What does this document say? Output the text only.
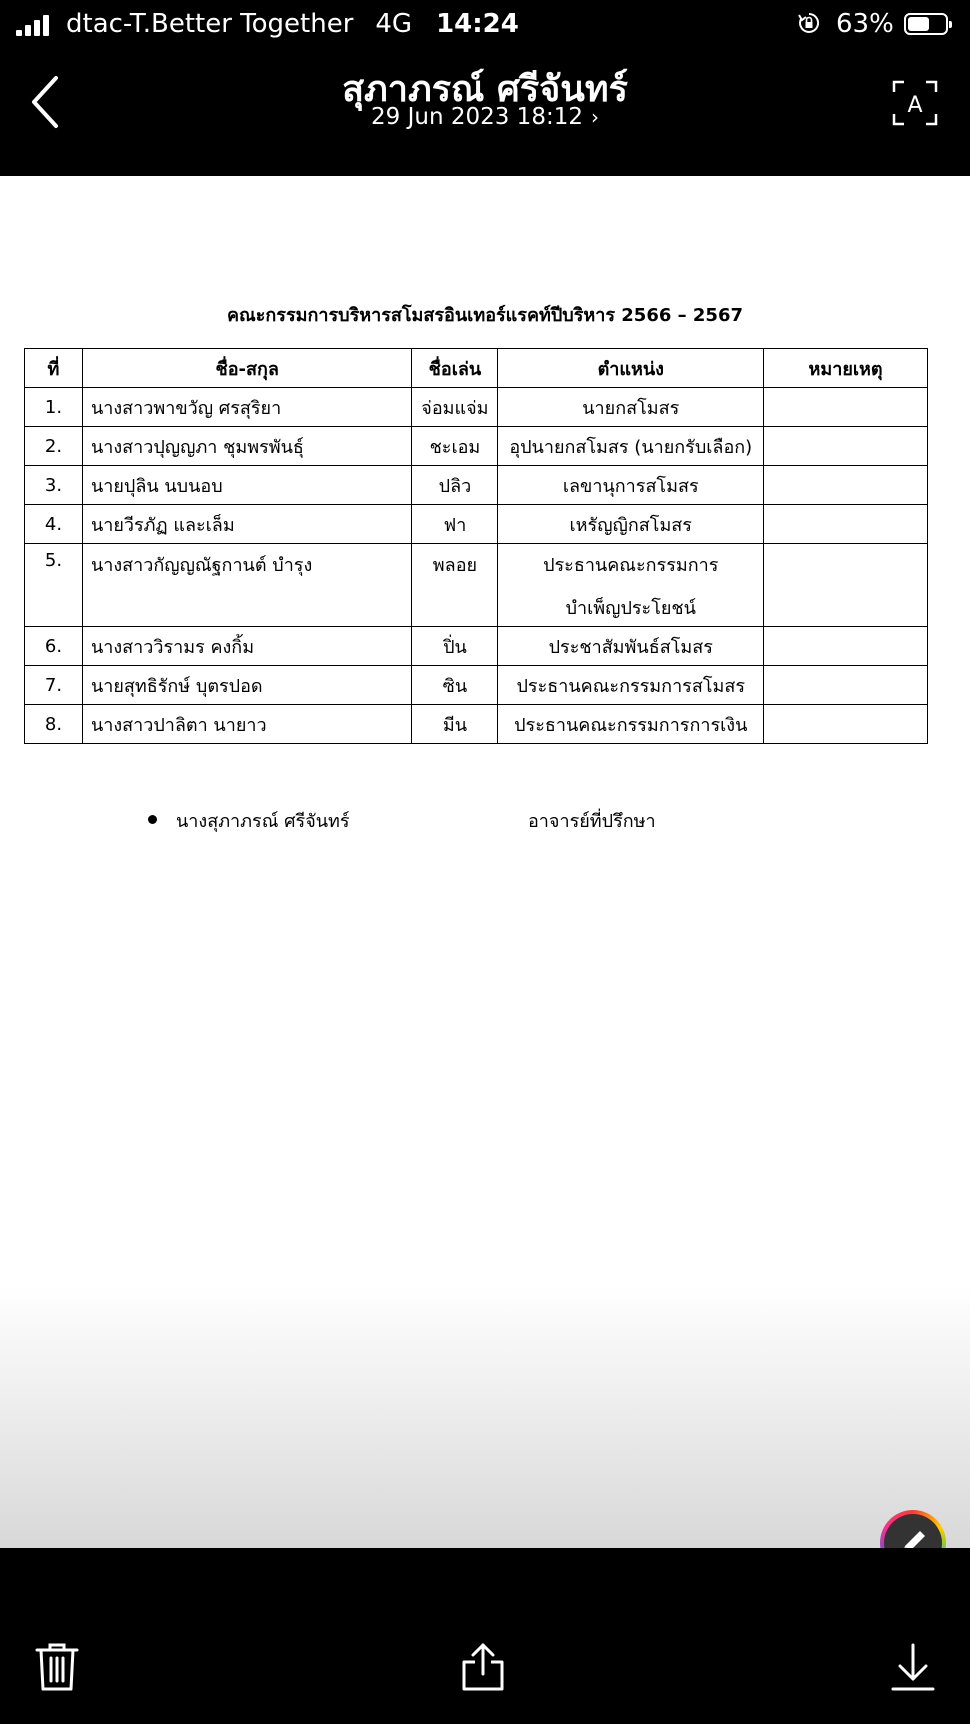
dtac-T.Better Together 4G 14:24	63%
สุภาภรณ์ ศรีจันทร์
29 Jun 2023 18:12 ›	A
คณะกรรมการบริหารสโมสรอินเทอร์แรคท์ปีบริหาร 2566 – 2567
ที่	ชื่อ-สกุล	ชื่อเล่น	ตำแหน่ง	หมายเหตุ
1.	นางสาวพาขวัญ ศรสุริยา	จ่อมแจ่ม	นายกสโมสร	
2.	นางสาวปุญญภา ชุมพรพันธุ์	ชะเอม	อุปนายกสโมสร (นายกรับเลือก)	
3.	นายปุลิน นบนอบ	ปลิว	เลขานุการสโมสร	
4.	นายวีรภัฏ และเล็ม	ฟา	เหรัญญิกสโมสร	
5.	นางสาวกัญญณัฐกานต์ บำรุง	พลอย	ประธานคณะกรรมการ
บำเพ็ญประโยชน์	

6.	นางสาววิรามร คงกิ้ม	ปิ่น	ประชาสัมพันธ์สโมสร	
7.	นายสุทธิรักษ์ บุตรปอด	ซิน	ประธานคณะกรรมการสโมสร	
8.	นางสาวปาลิตา นายาว	มีน	ประธานคณะกรรมการการเงิน	
นางสุภาภรณ์ ศรีจันทร์	อาจารย์ที่ปรึกษา
